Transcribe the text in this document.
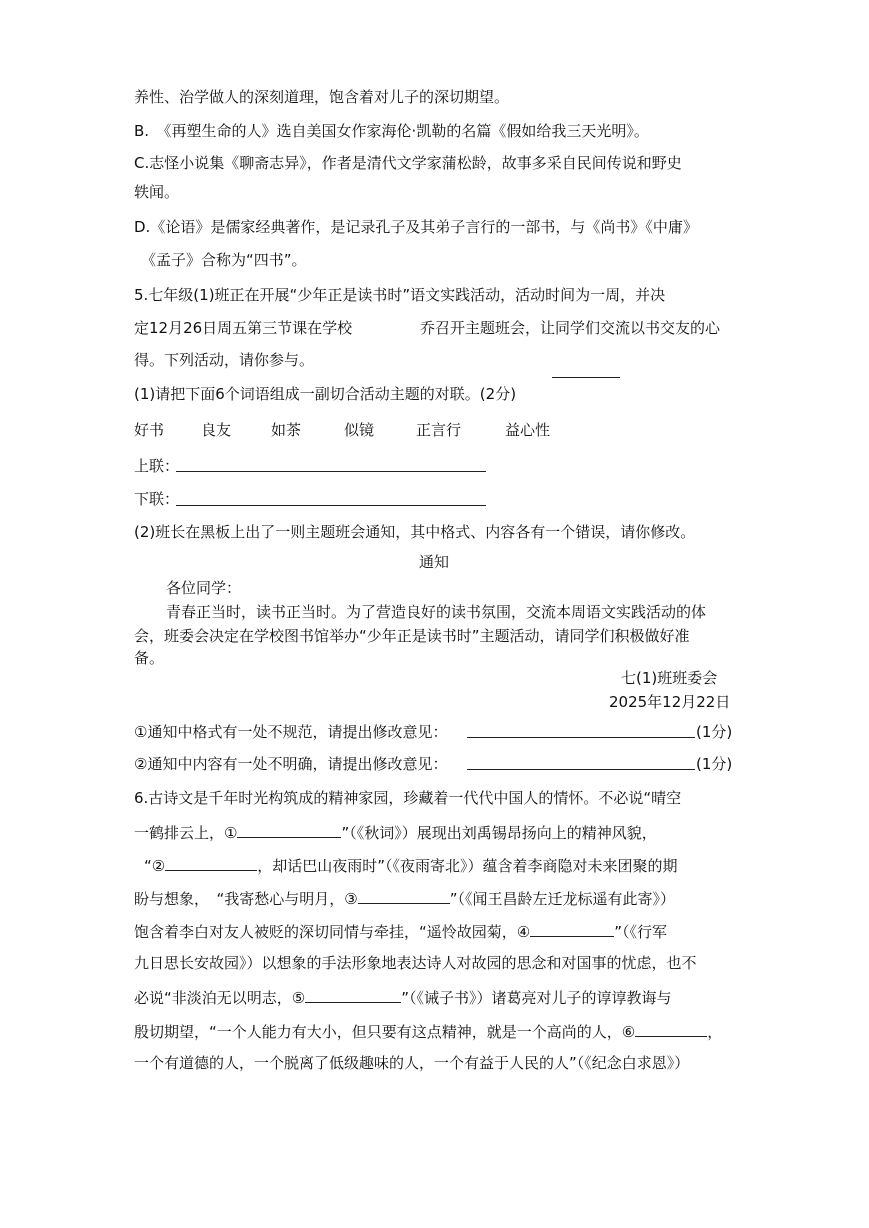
养性、治学做人的深刻道理，饱含着对儿子的深切期望。
B.　《再塑生命的人》选自美国女作家海伦·凯勒的名篇《假如给我三天光明》。
C.志怪小说集《聊斋志异》，作者是清代文学家蒲松龄，故事多采自民间传说和野史
轶闻。
D.《论语》是儒家经典著作，是记录孔子及其弟子言行的一部书，与《尚书》《中庸》
《孟子》合称为“四书”。
5.七年级(1)班正在开展“少年正是读书时”语文实践活动，活动时间为一周，并决
定12月26日周五第三节课在学校	乔召开主题班会，让同学们交流以书交友的心
得。下列活动，请你参与。
(1)请把下面6个词语组成一副切合活动主题的对联。(2分)
好书 良友	如茶	似镜	正言行	益心性
上联：
下联：
(2)班长在黑板上出了一则主题班会通知，其中格式、内容各有一个错误，请你修改。
通知
各位同学：
青春正当时，读书正当时。为了营造良好的读书氛围，交流本周语文实践活动的体
会，班委会决定在学校图书馆举办“少年正是读书时”主题活动，请同学们积极做好准
备。
七(1)班班委会
2025年12月22日
①通知中格式有一处不规范，请提出修改意见：	(1分)
②通知中内容有一处不明确，请提出修改意见：	(1分)
6.古诗文是千年时光构筑成的精神家园，珍藏着一代代中国人的情怀。不必说“晴空
一鹤排云上，①	”（《秋词》）展现出刘禹锡昂扬向上的精神风貌，
“②	，却话巴山夜雨时”（《夜雨寄北》）蕴含着李商隐对未来团聚的期
盼与想象，　“我寄愁心与明月，③	”（《闻王昌龄左迁龙标遥有此寄》）
饱含着李白对友人被贬的深切同情与牵挂，“遥怜故园菊，④	”（《行军
九日思长安故园》）以想象的手法形象地表达诗人对故园的思念和对国事的忧虑，也不
必说“非淡泊无以明志，⑤	”（《诫子书》）诸葛亮对儿子的谆谆教诲与
殷切期望，“一个人能力有大小，但只要有这点精神，就是一个高尚的人，⑥	，
一个有道德的人，一个脱离了低级趣味的人，一个有益于人民的人”（《纪念白求恩》）
